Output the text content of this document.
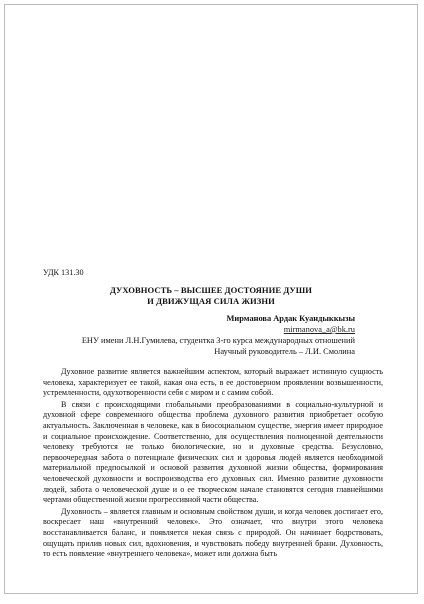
УДК 131.30
ДУХОВНОСТЬ – ВЫСШЕЕ ДОСТОЯНИЕ ДУШИ
И ДВИЖУЩАЯ СИЛА ЖИЗНИ
Мирманова Ардак Куандыккызы
mirmanova_a@bk.ru
ЕНУ имени Л.Н.Гумилева, студентка 3-го курса международных отношений
Научный руководитель – Л.И. Смолина

Духовное развитие является важнейшим аспектом, который выражает истинную сущность человека, характеризует ее такой, какая она есть, в ее достоверном проявлении возвышенности, устремленности, одухотворенности себя с миром и с самим собой.

В связи с происходящими глобальными преобразованиями в социально-культурной и духовной сфере современного общества проблема духовного развития приобретает особую актуальность. Заключенная в человеке, как в биосоциальном существе, энергия имеет природное и социальное происхождение. Соответственно, для осуществления полноценной деятельности человеку требуются не только биологические, но и духовные средства. Безусловно, первоочередная забота о потенциале физических сил и здоровья людей является необходимой материальной предпосылкой и основой развития духовной жизни общества, формирования человеческой духовности и воспроизводства его духовных сил. Именно развитие духовности людей, забота о человеческой душе и о ее творческом начале становятся сегодня главнейшими чертами общественной жизни прогрессивной части общества.

Духовность – является главным и основным свойством души, и когда человек достигает его, воскресает наш «внутренний человек». Это означает, что внутри этого человека восстанавливается баланс, и появляется некая связь с природой. Он начинает бодрствовать, ощущать прилив новых сил, вдохновения, и чувствовать победу внутренней брани. Духовность, то есть появление «внутреннего человека», может или должна быть
